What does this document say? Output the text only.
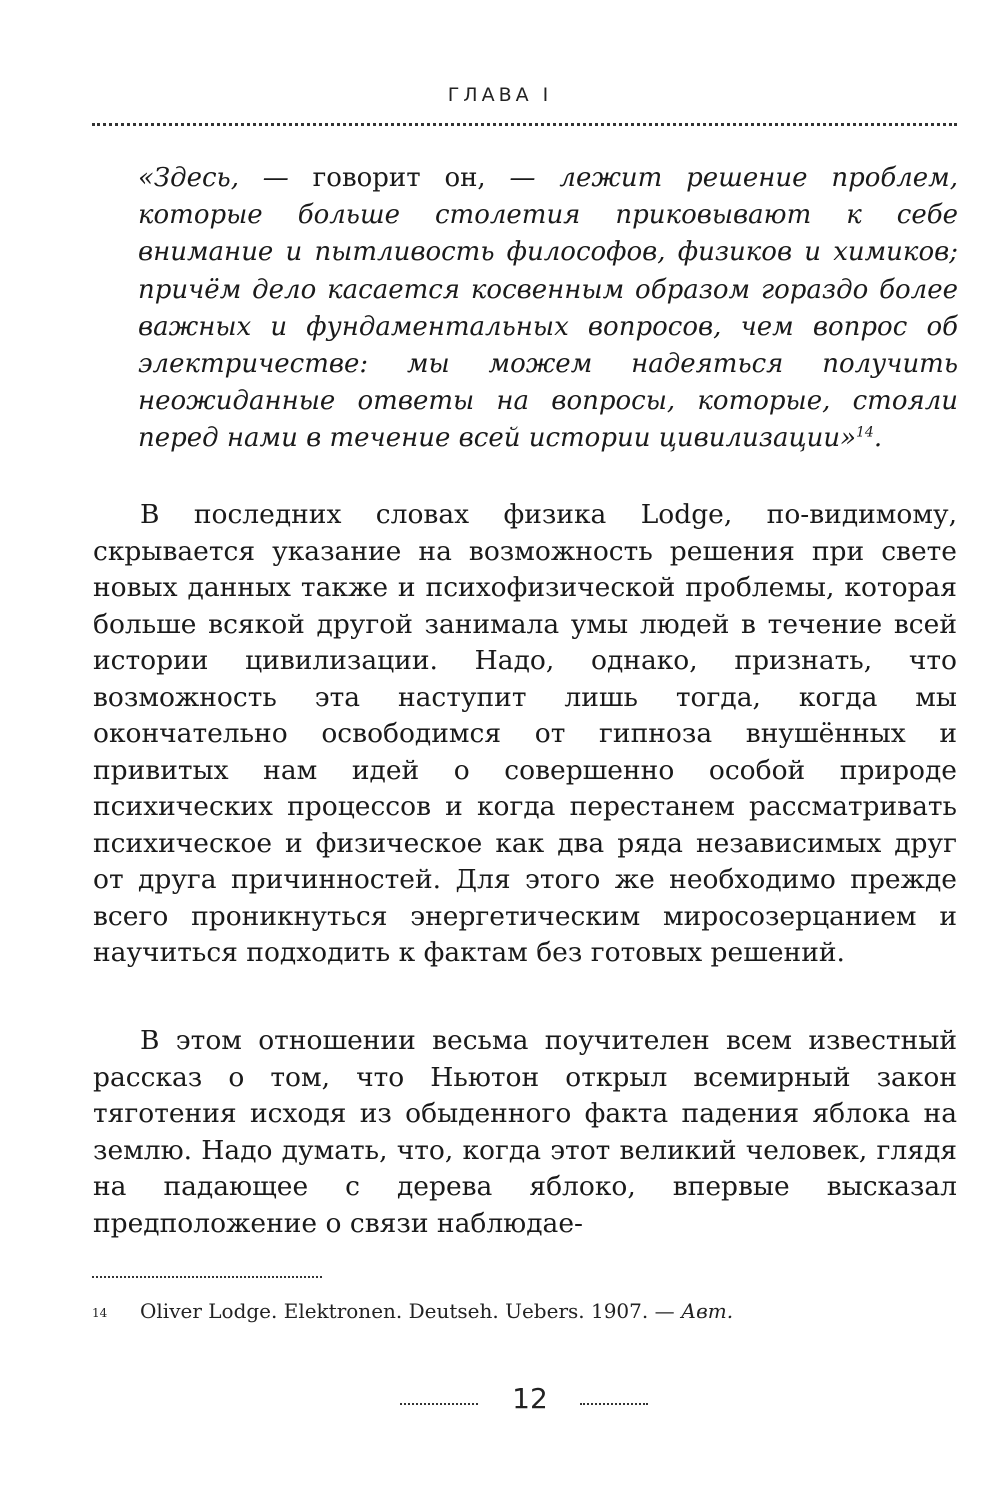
ГЛАВА I
«Здесь, — говорит он, — лежит решение проблем, которые больше столетия приковывают к себе внимание и пытливость философов, физиков и химиков; причём дело касается косвенным образом гораздо более важных и фундаментальных вопросов, чем вопрос об электричестве: мы можем надеяться получить неожиданные ответы на вопросы, которые, стояли перед нами в течение всей истории цивилизации»$^{14}$.
В последних словах физика Lodge, по-видимому, скрывается указание на возможность решения при свете новых данных также и психофизической проблемы, которая больше всякой другой занимала умы людей в течение всей истории цивилизации. Надо, однако, признать, что возможность эта наступит лишь тогда, когда мы окончательно освободимся от гипноза внушённых и привитых нам идей о совершенно особой природе психических процессов и когда перестанем рассматривать психическое и физическое как два ряда независимых друг от друга причинностей. Для этого же необходимо прежде всего проникнуться энергетическим миросозерцанием и научиться подходить к фактам без готовых решений.
В этом отношении весьма поучителен всем известный рассказ о том, что Ньютон открыл всемирный закон тяготения исходя из обыденного факта падения яблока на землю. Надо думать, что, когда этот великий человек, глядя на падающее с дерева яблоко, впервые высказал предположение о связи наблюдае-
14 Oliver Lodge. Elektronen. Deutseh. Uebers. 1907. — Авт.
12
